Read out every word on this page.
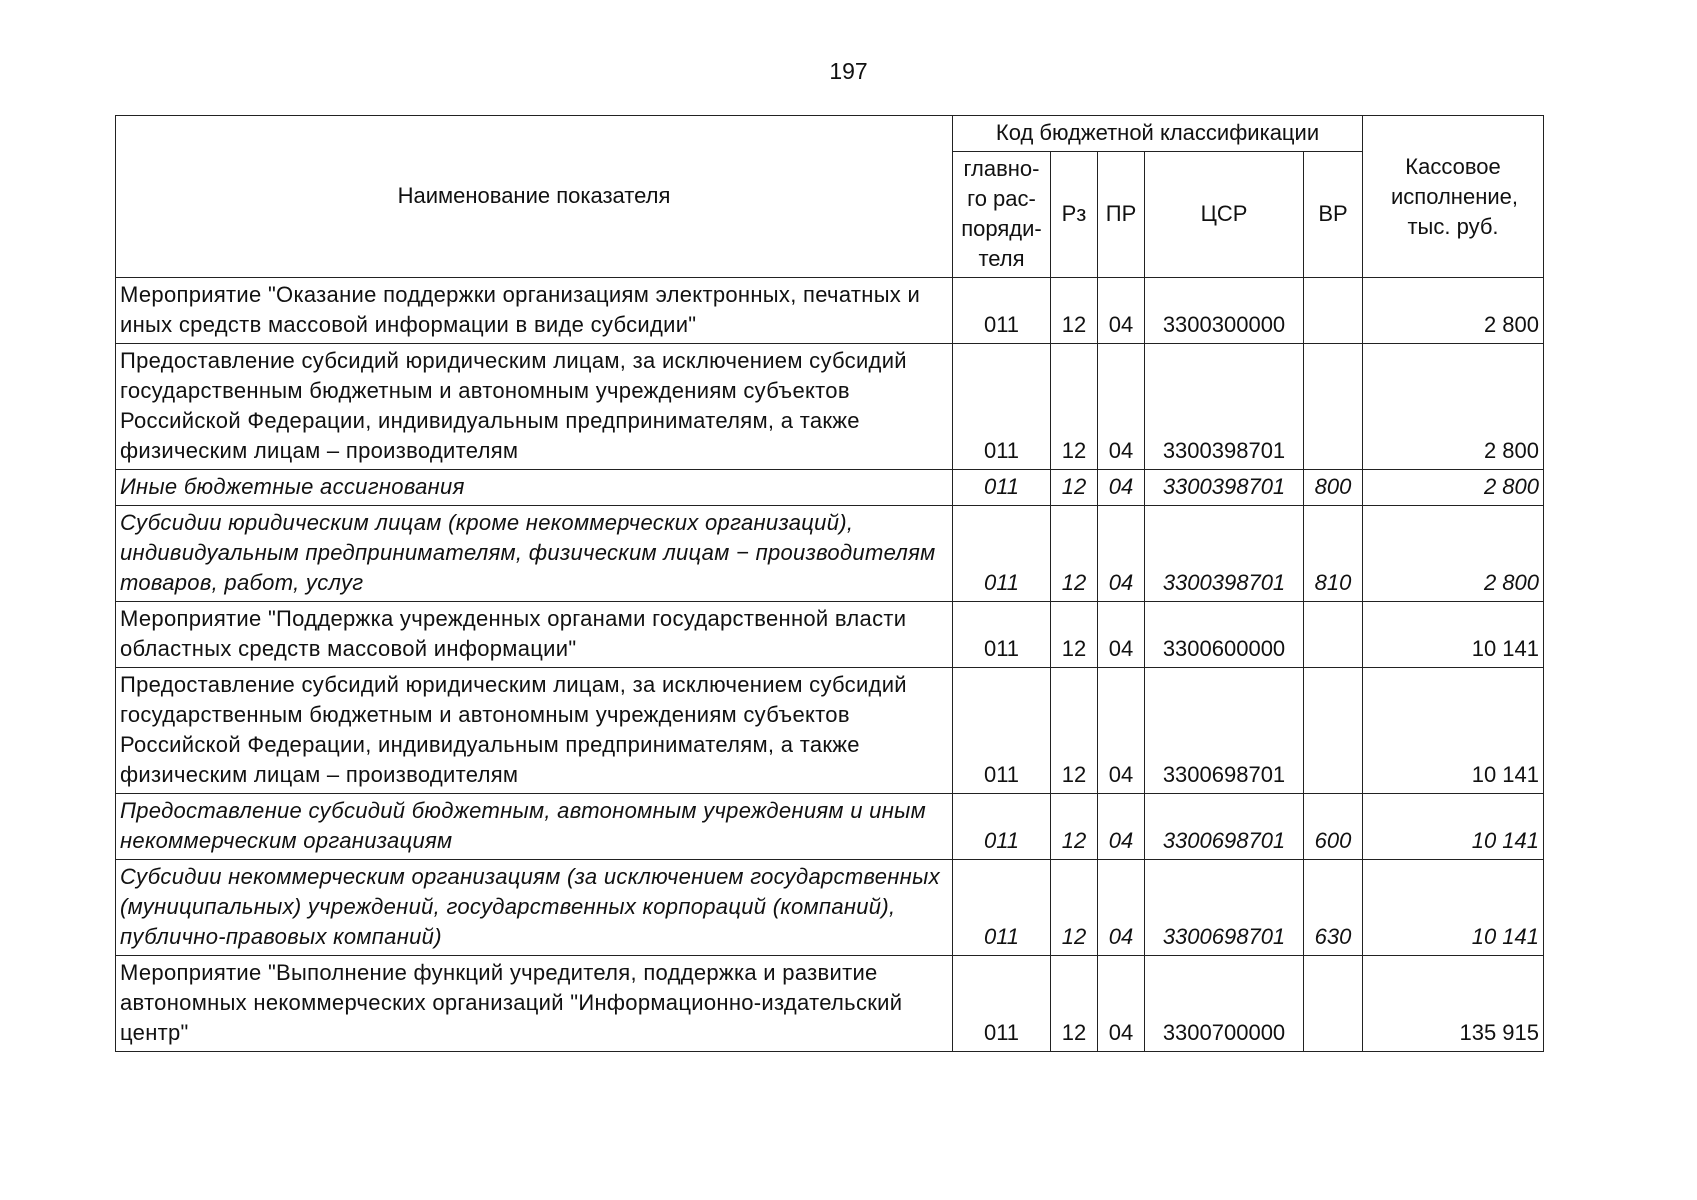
197
Наименование показателя	Код бюджетной классификации					Кассовое исполнение, тыс. руб.
	главно-го рас-поряди-теля	Рз	ПР	ЦСР	ВР	
Мероприятие "Оказание поддержки организациям электронных, печатных и иных средств массовой информации в виде субсидии"	011	12	04	3300300000		2 800
Предоставление субсидий юридическим лицам, за исключением субсидий государственным бюджетным и автономным учреждениям субъектов Российской Федерации, индивидуальным предпринимателям, а также физическим лицам – производителям	011	12	04	3300398701		2 800
Иные бюджетные ассигнования	011	12	04	3300398701	800	2 800
Субсидии юридическим лицам (кроме некоммерческих организаций), индивидуальным предпринимателям, физическим лицам − производителям товаров, работ, услуг	011	12	04	3300398701	810	2 800
Мероприятие "Поддержка учрежденных органами государственной власти областных средств массовой информации"	011	12	04	3300600000		10 141
Предоставление субсидий юридическим лицам, за исключением субсидий государственным бюджетным и автономным учреждениям субъектов Российской Федерации, индивидуальным предпринимателям, а также физическим лицам – производителям	011	12	04	3300698701		10 141
Предоставление субсидий бюджетным, автономным учреждениям и иным некоммерческим организациям	011	12	04	3300698701	600	10 141
Субсидии некоммерческим организациям (за исключением государственных (муниципальных) учреждений, государственных корпораций (компаний), публично-правовых компаний)	011	12	04	3300698701	630	10 141
Мероприятие "Выполнение функций учредителя, поддержка и развитие автономных некоммерческих организаций "Информационно-издательский центр"	011	12	04	3300700000		135 915
